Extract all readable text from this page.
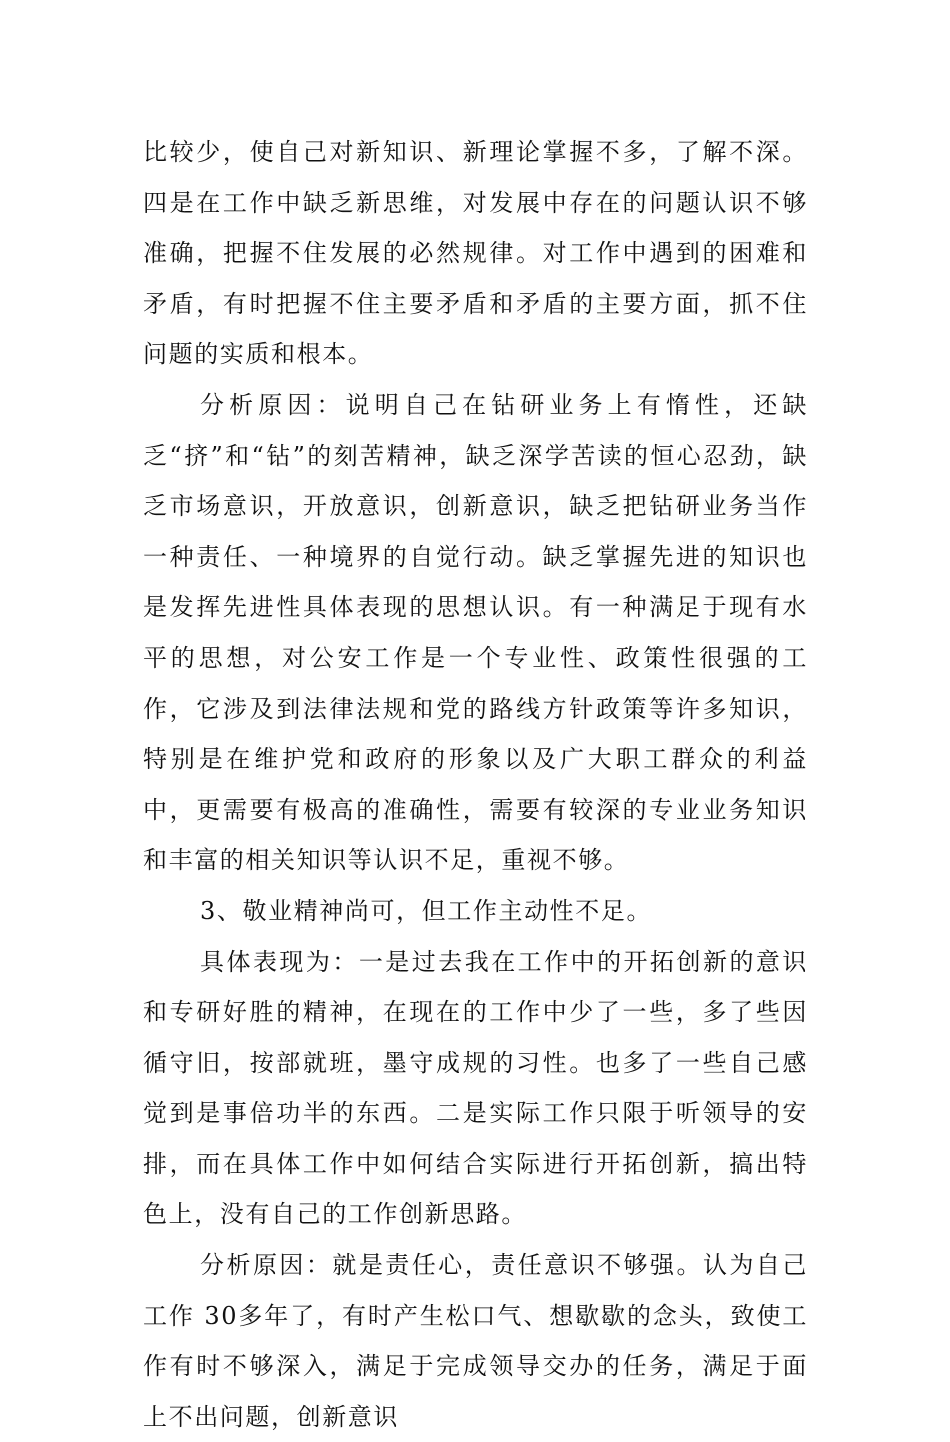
比较少，使自己对新知识、新理论掌握不多，了解不深。四是在工作中缺乏新思维，对发展中存在的问题认识不够准确，把握不住发展的必然规律。对工作中遇到的困难和矛盾，有时把握不住主要矛盾和矛盾的主要方面，抓不住问题的实质和根本。

分析原因：说明自己在钻研业务上有惰性，还缺乏“挤”和“钻”的刻苦精神，缺乏深学苦读的恒心忍劲，缺乏市场意识，开放意识，创新意识，缺乏把钻研业务当作一种责任、一种境界的自觉行动。缺乏掌握先进的知识也是发挥先进性具体表现的思想认识。有一种满足于现有水平的思想，对公安工作是一个专业性、政策性很强的工作，它涉及到法律法规和党的路线方针政策等许多知识，特别是在维护党和政府的形象以及广大职工群众的利益中，更需要有极高的准确性，需要有较深的专业业务知识和丰富的相关知识等认识不足，重视不够。

3、敬业精神尚可，但工作主动性不足。

具体表现为：一是过去我在工作中的开拓创新的意识和专研好胜的精神，在现在的工作中少了一些，多了些因循守旧，按部就班，墨守成规的习性。也多了一些自己感觉到是事倍功半的东西。二是实际工作只限于听领导的安排，而在具体工作中如何结合实际进行开拓创新，搞出特色上，没有自己的工作创新思路。

分析原因：就是责任心，责任意识不够强。认为自己工作 30多年了，有时产生松口气、想歇歇的念头，致使工作有时不够深入，满足于完成领导交办的任务，满足于面上不出问题，创新意识
